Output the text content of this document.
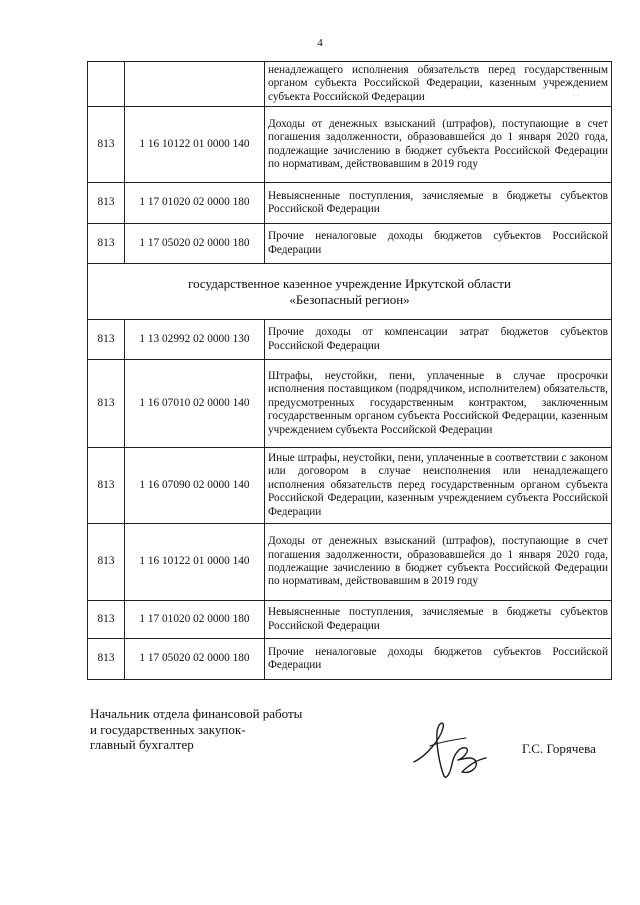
4
		ненадлежащего исполнения обязательств перед государственным органом субъекта Российской Федерации, казенным учреждением субъекта Российской Федерации
813	1 16 10122 01 0000 140	Доходы от денежных взысканий (штрафов), поступающие в счет погашения задолженности, образовавшейся до 1 января 2020 года, подлежащие зачислению в бюджет субъекта Российской Федерации по нормативам, действовавшим в 2019 году
813	1 17 01020 02 0000 180	Невыясненные поступления, зачисляемые в бюджеты субъектов Российской Федерации
813	1 17 05020 02 0000 180	Прочие неналоговые доходы бюджетов субъектов Российской Федерации

государственное казенное учреждение Иркутской области
«Безопасный регион»		

813	1 13 02992 02 0000 130	Прочие доходы от компенсации затрат бюджетов субъектов Российской Федерации
813	1 16 07010 02 0000 140	Штрафы, неустойки, пени, уплаченные в случае просрочки исполнения поставщиком (подрядчиком, исполнителем) обязательств, предусмотренных государственным контрактом, заключенным государственным органом субъекта Российской Федерации, казенным учреждением субъекта Российской Федерации
813	1 16 07090 02 0000 140	Иные штрафы, неустойки, пени, уплаченные в соответствии с законом или договором в случае неисполнения или ненадлежащего исполнения обязательств перед государственным органом субъекта Российской Федерации, казенным учреждением субъекта Российской Федерации
813	1 16 10122 01 0000 140	Доходы от денежных взысканий (штрафов), поступающие в счет погашения задолженности, образовавшейся до 1 января 2020 года, подлежащие зачислению в бюджет субъекта Российской Федерации по нормативам, действовавшим в 2019 году
813	1 17 01020 02 0000 180	Невыясненные поступления, зачисляемые в бюджеты субъектов Российской Федерации
813	1 17 05020 02 0000 180	Прочие неналоговые доходы бюджетов субъектов Российской Федерации
Начальник отдела финансовой работы
и государственных закупок-
главный бухгалтер	Г.С. Горячева
